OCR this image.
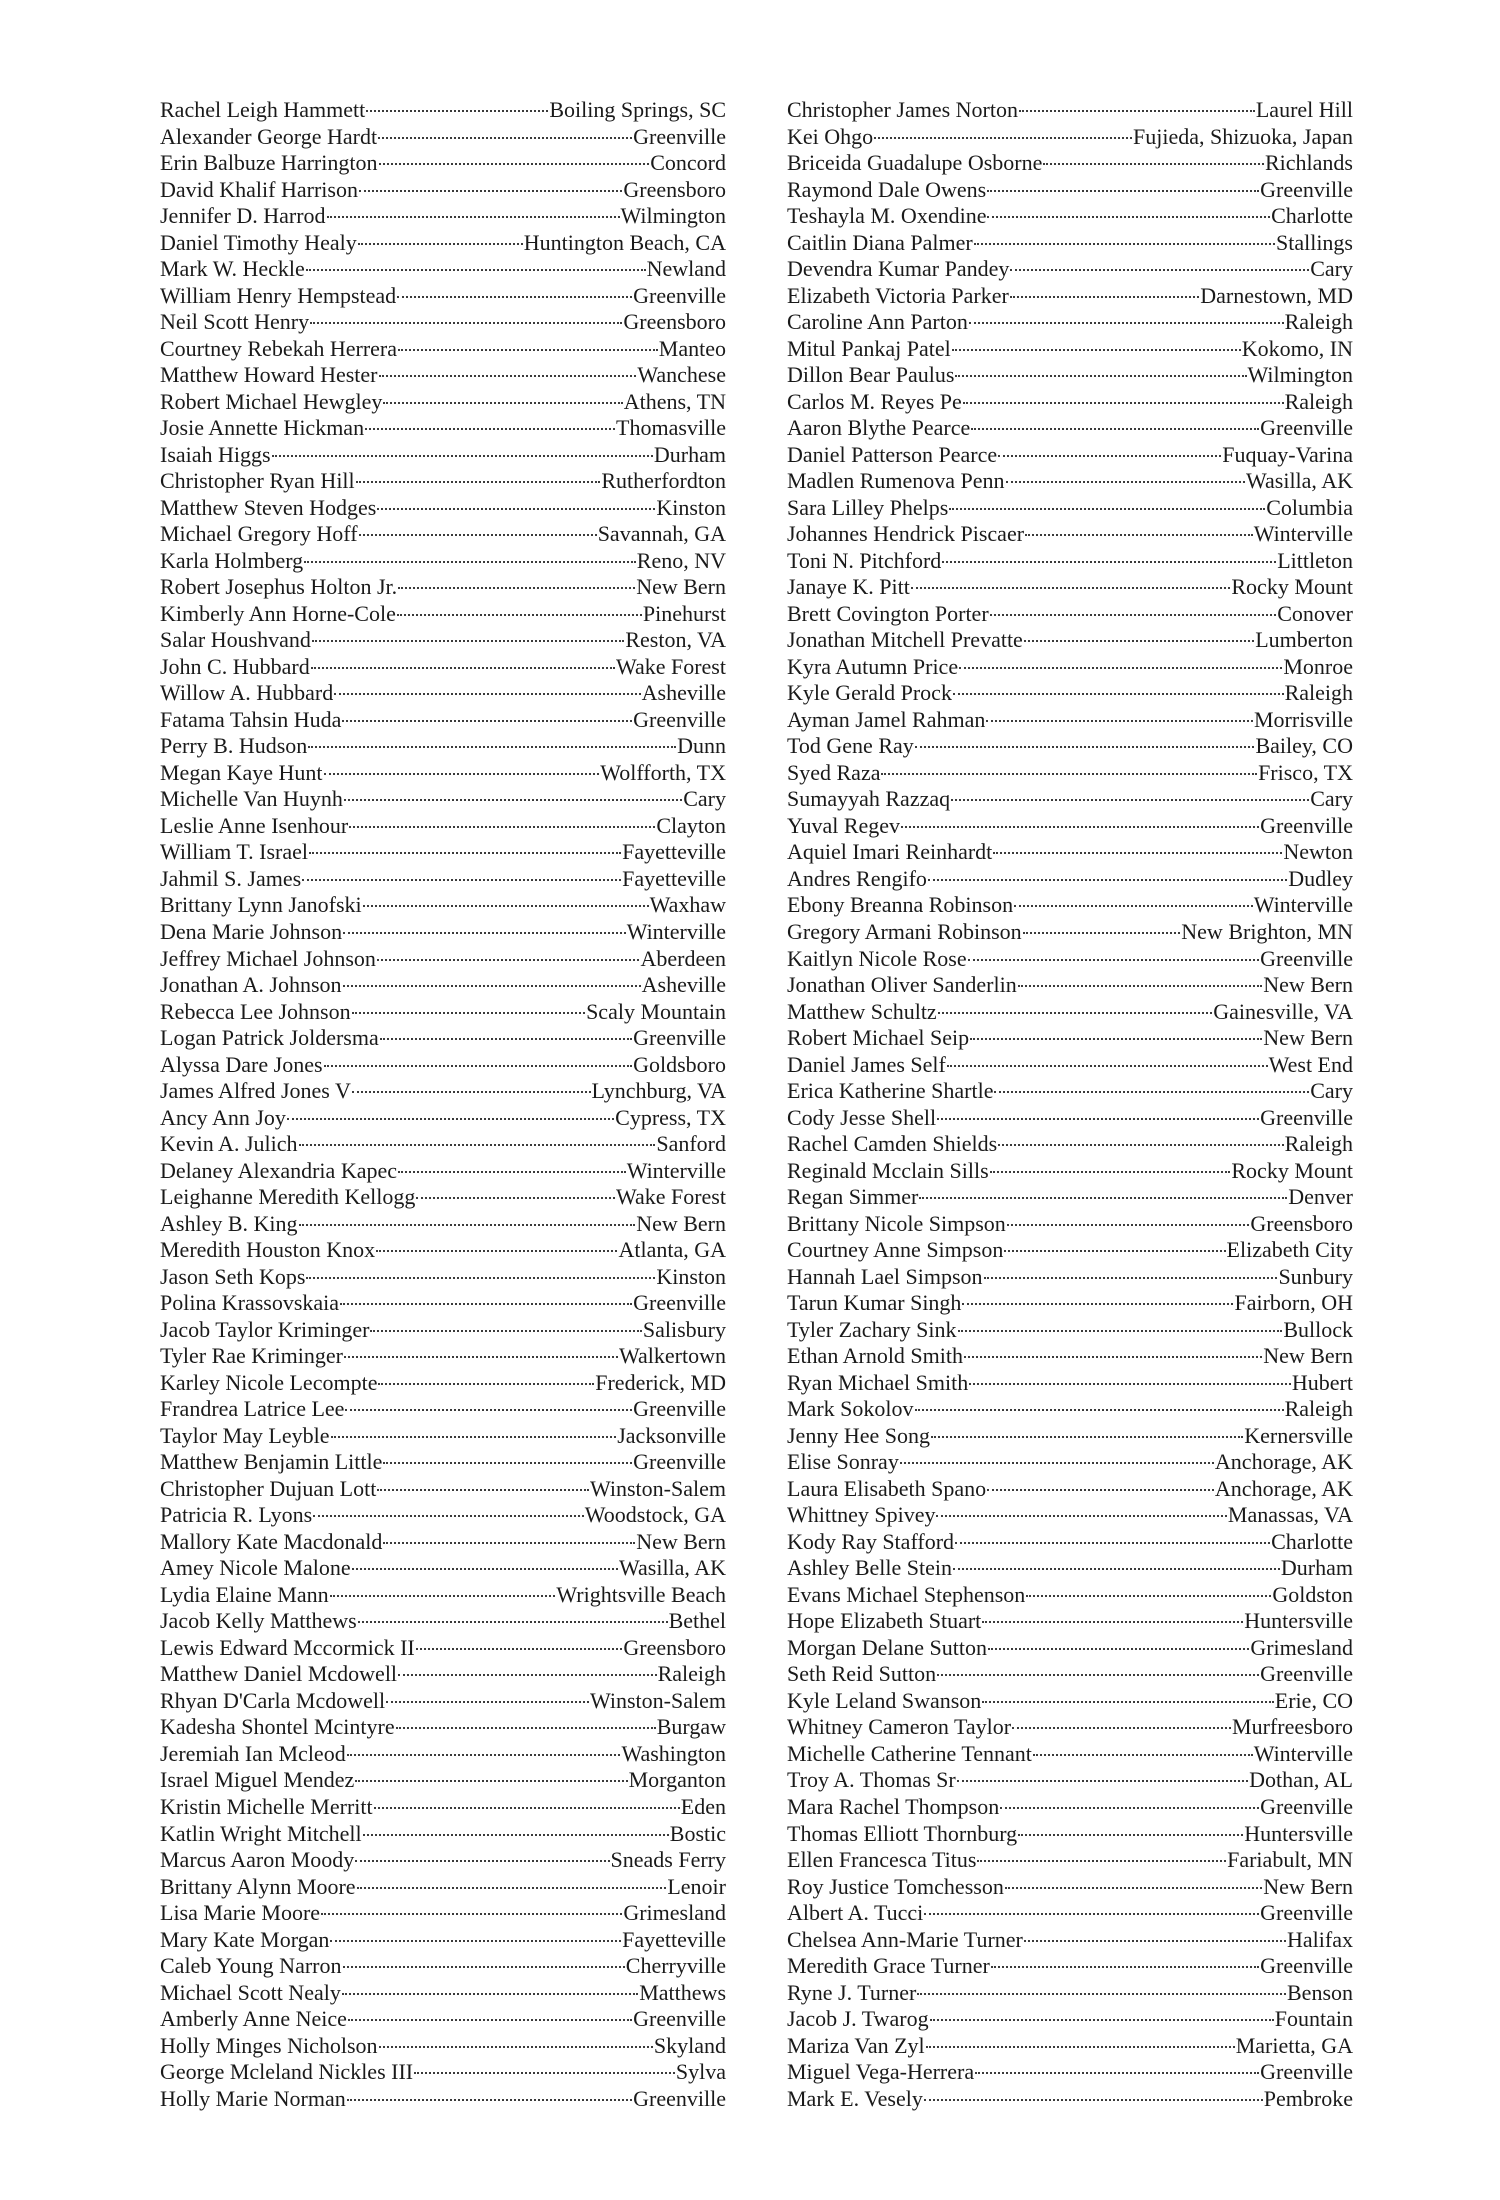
Rachel Leigh Hammett	Boiling Springs, SC
Alexander George Hardt	Greenville
Erin Balbuze Harrington	Concord
David Khalif Harrison	Greensboro
Jennifer D. Harrod	Wilmington
Daniel Timothy Healy	Huntington Beach, CA
Mark W. Heckle	Newland
William Henry Hempstead	Greenville
Neil Scott Henry	Greensboro
Courtney Rebekah Herrera	Manteo
Matthew Howard Hester	Wanchese
Robert Michael Hewgley	Athens, TN
Josie Annette Hickman	Thomasville
Isaiah Higgs	Durham
Christopher Ryan Hill	Rutherfordton
Matthew Steven Hodges	Kinston
Michael Gregory Hoff	Savannah, GA
Karla Holmberg	Reno, NV
Robert Josephus Holton Jr.	New Bern
Kimberly Ann Horne-Cole	Pinehurst
Salar Houshvand	Reston, VA
John C. Hubbard	Wake Forest
Willow A. Hubbard	Asheville
Fatama Tahsin Huda	Greenville
Perry B. Hudson	Dunn
Megan Kaye Hunt	Wolfforth, TX
Michelle Van Huynh	Cary
Leslie Anne Isenhour	Clayton
William T. Israel	Fayetteville
Jahmil S. James	Fayetteville
Brittany Lynn Janofski	Waxhaw
Dena Marie Johnson	Winterville
Jeffrey Michael Johnson	Aberdeen
Jonathan A. Johnson	Asheville
Rebecca Lee Johnson	Scaly Mountain
Logan Patrick Joldersma	Greenville
Alyssa Dare Jones	Goldsboro
James Alfred Jones V	Lynchburg, VA
Ancy Ann Joy	Cypress, TX
Kevin A. Julich	Sanford
Delaney Alexandria Kapec	Winterville
Leighanne Meredith Kellogg	Wake Forest
Ashley B. King	New Bern
Meredith Houston Knox	Atlanta, GA
Jason Seth Kops	Kinston
Polina Krassovskaia	Greenville
Jacob Taylor Kriminger	Salisbury
Tyler Rae Kriminger	Walkertown
Karley Nicole Lecompte	Frederick, MD
Frandrea Latrice Lee	Greenville
Taylor May Leyble	Jacksonville
Matthew Benjamin Little	Greenville
Christopher Dujuan Lott	Winston-Salem
Patricia R. Lyons	Woodstock, GA
Mallory Kate Macdonald	New Bern
Amey Nicole Malone	Wasilla, AK
Lydia Elaine Mann	Wrightsville Beach
Jacob Kelly Matthews	Bethel
Lewis Edward Mccormick II	Greensboro
Matthew Daniel Mcdowell	Raleigh
Rhyan D'Carla Mcdowell	Winston-Salem
Kadesha Shontel Mcintyre	Burgaw
Jeremiah Ian Mcleod	Washington
Israel Miguel Mendez	Morganton
Kristin Michelle Merritt	Eden
Katlin Wright Mitchell	Bostic
Marcus Aaron Moody	Sneads Ferry
Brittany Alynn Moore	Lenoir
Lisa Marie Moore	Grimesland
Mary Kate Morgan	Fayetteville
Caleb Young Narron	Cherryville
Michael Scott Nealy	Matthews
Amberly Anne Neice	Greenville
Holly Minges Nicholson	Skyland
George Mcleland Nickles III	Sylva
Holly Marie Norman	Greenville
Christopher James Norton	Laurel Hill
Kei Ohgo	Fujieda, Shizuoka, Japan
Briceida Guadalupe Osborne	Richlands
Raymond Dale Owens	Greenville
Teshayla M. Oxendine	Charlotte
Caitlin Diana Palmer	Stallings
Devendra Kumar Pandey	Cary
Elizabeth Victoria Parker	Darnestown, MD
Caroline Ann Parton	Raleigh
Mitul Pankaj Patel	Kokomo, IN
Dillon Bear Paulus	Wilmington
Carlos M. Reyes Pe	Raleigh
Aaron Blythe Pearce	Greenville
Daniel Patterson Pearce	Fuquay-Varina
Madlen Rumenova Penn	Wasilla, AK
Sara Lilley Phelps	Columbia
Johannes Hendrick Piscaer	Winterville
Toni N. Pitchford	Littleton
Janaye K. Pitt	Rocky Mount
Brett Covington Porter	Conover
Jonathan Mitchell Prevatte	Lumberton
Kyra Autumn Price	Monroe
Kyle Gerald Prock	Raleigh
Ayman Jamel Rahman	Morrisville
Tod Gene Ray	Bailey, CO
Syed Raza	Frisco, TX
Sumayyah Razzaq	Cary
Yuval Regev	Greenville
Aquiel Imari Reinhardt	Newton
Andres Rengifo	Dudley
Ebony Breanna Robinson	Winterville
Gregory Armani Robinson	New Brighton, MN
Kaitlyn Nicole Rose	Greenville
Jonathan Oliver Sanderlin	New Bern
Matthew Schultz	Gainesville, VA
Robert Michael Seip	New Bern
Daniel James Self	West End
Erica Katherine Shartle	Cary
Cody Jesse Shell	Greenville
Rachel Camden Shields	Raleigh
Reginald Mcclain Sills	Rocky Mount
Regan Simmer	Denver
Brittany Nicole Simpson	Greensboro
Courtney Anne Simpson	Elizabeth City
Hannah Lael Simpson	Sunbury
Tarun Kumar Singh	Fairborn, OH
Tyler Zachary Sink	Bullock
Ethan Arnold Smith	New Bern
Ryan Michael Smith	Hubert
Mark Sokolov	Raleigh
Jenny Hee Song	Kernersville
Elise Sonray	Anchorage, AK
Laura Elisabeth Spano	Anchorage, AK
Whittney Spivey	Manassas, VA
Kody Ray Stafford	Charlotte
Ashley Belle Stein	Durham
Evans Michael Stephenson	Goldston
Hope Elizabeth Stuart	Huntersville
Morgan Delane Sutton	Grimesland
Seth Reid Sutton	Greenville
Kyle Leland Swanson	Erie, CO
Whitney Cameron Taylor	Murfreesboro
Michelle Catherine Tennant	Winterville
Troy A. Thomas Sr	Dothan, AL
Mara Rachel Thompson	Greenville
Thomas Elliott Thornburg	Huntersville
Ellen Francesca Titus	Fariabult, MN
Roy Justice Tomchesson	New Bern
Albert A. Tucci	Greenville
Chelsea Ann-Marie Turner	Halifax
Meredith Grace Turner	Greenville
Ryne J. Turner	Benson
Jacob J. Twarog	Fountain
Mariza Van Zyl	Marietta, GA
Miguel Vega-Herrera	Greenville
Mark E. Vesely	Pembroke
